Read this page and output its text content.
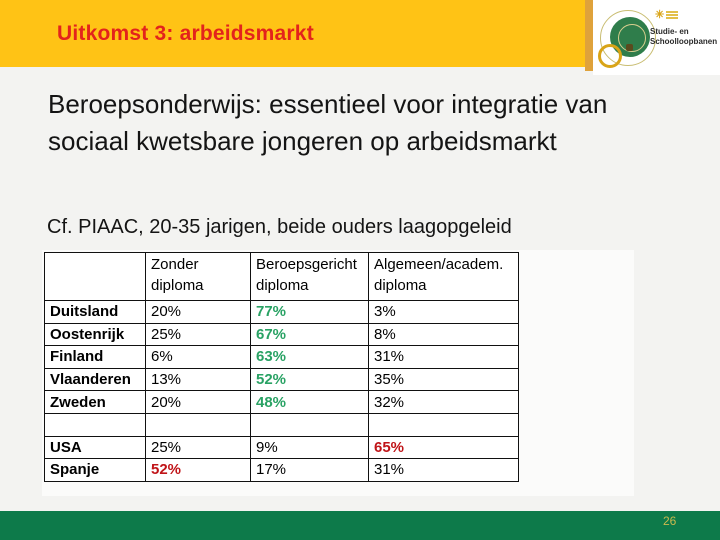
Uitkomst 3: arbeidsmarkt
✳
Studie- en
Schoolloopbanen
Beroepsonderwijs: essentieel voor integratie van
sociaal kwetsbare jongeren op arbeidsmarkt
Cf. PIAAC, 20-35 jarigen, beide ouders laagopgeleid

	Zonder diploma	Beroepsgericht diploma	Algemeen/academ. diploma
Duitsland	20%	77%	3%
Oostenrijk	25%	67%	8%
Finland	6%	63%	31%
Vlaanderen	13%	52%	35%
Zweden	20%	48%	32%

USA	25%	9%	65%
Spanje	52%	17%	31%
26
